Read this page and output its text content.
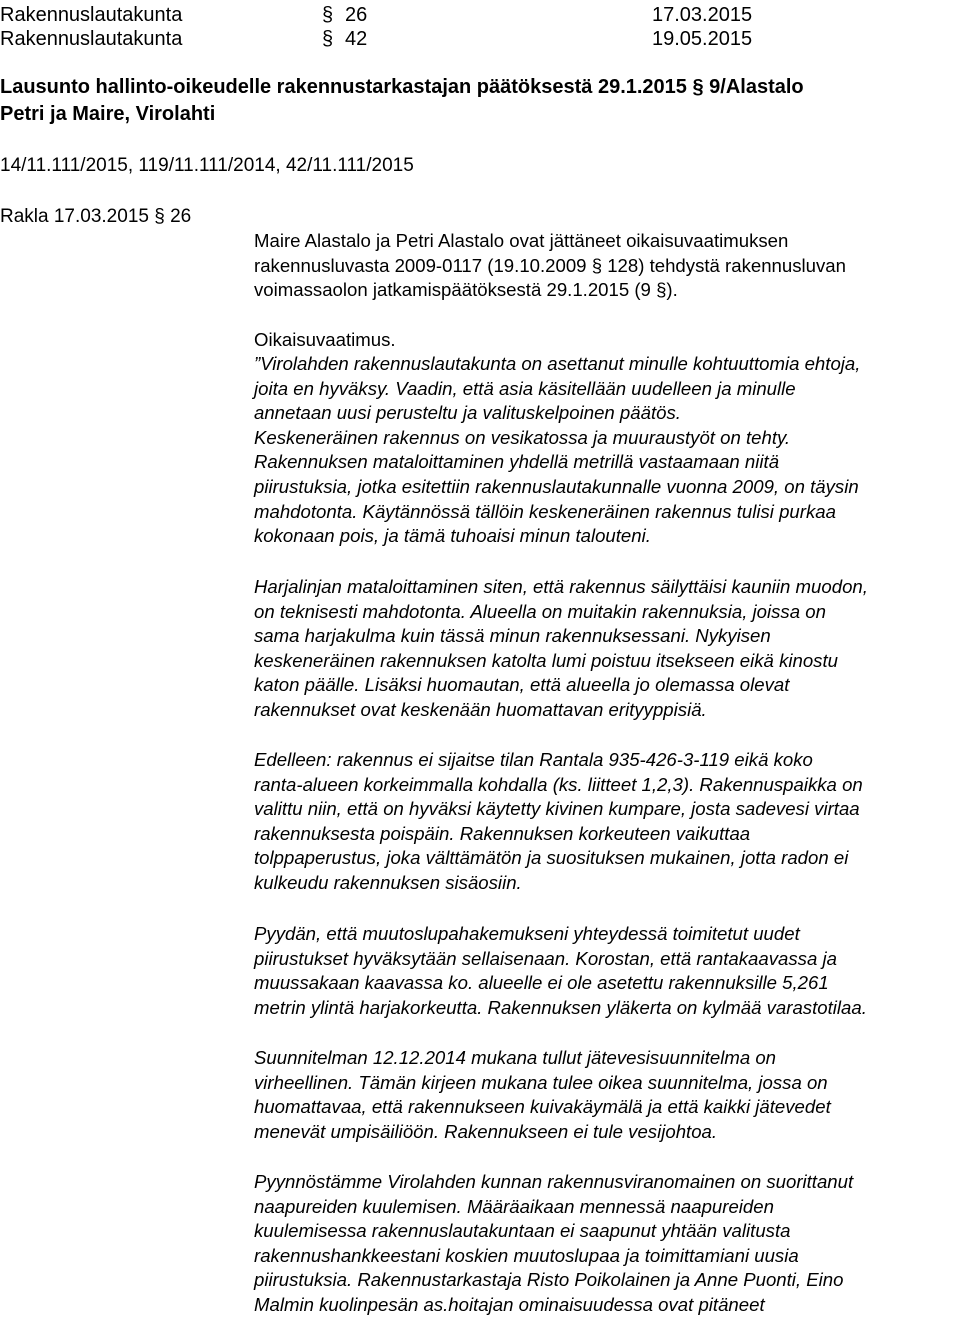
Rakennuslautakunta	§ 26	17.03.2015
Rakennuslautakunta	§ 42	19.05.2015
Lausunto hallinto-oikeudelle rakennustarkastajan päätöksestä 29.1.2015 § 9/Alastalo
Petri ja Maire, Virolahti
14/11.111/2015, 119/11.111/2014, 42/11.111/2015
Rakla 17.03.2015 § 26
Maire Alastalo ja Petri Alastalo ovat jättäneet oikaisuvaatimuksen
rakennusluvasta 2009-0117 (19.10.2009 § 128) tehdystä rakennusluvan
voimassaolon jatkamispäätöksestä 29.1.2015 (9 §).
Oikaisuvaatimus.
”Virolahden rakennuslautakunta on asettanut minulle kohtuuttomia ehtoja,
joita en hyväksy. Vaadin, että asia käsitellään uudelleen ja minulle
annetaan uusi perusteltu ja valituskelpoinen päätös.
Keskeneräinen rakennus on vesikatossa ja muuraustyöt on tehty.
Rakennuksen mataloittaminen yhdellä metrillä vastaamaan niitä
piirustuksia, jotka esitettiin rakennuslautakunnalle vuonna 2009, on täysin
mahdotonta. Käytännössä tällöin keskeneräinen rakennus tulisi purkaa
kokonaan pois, ja tämä tuhoaisi minun talouteni.
Harjalinjan mataloittaminen siten, että rakennus säilyttäisi kauniin muodon,
on teknisesti mahdotonta. Alueella on muitakin rakennuksia, joissa on
sama harjakulma kuin tässä minun rakennuksessani. Nykyisen
keskeneräinen rakennuksen katolta lumi poistuu itsekseen eikä kinostu
katon päälle. Lisäksi huomautan, että alueella jo olemassa olevat
rakennukset ovat keskenään huomattavan erityyppisiä.
Edelleen: rakennus ei sijaitse tilan Rantala 935-426-3-119 eikä koko
ranta-alueen korkeimmalla kohdalla (ks. liitteet 1,2,3). Rakennuspaikka on
valittu niin, että on hyväksi käytetty kivinen kumpare, josta sadevesi virtaa
rakennuksesta poispäin. Rakennuksen korkeuteen vaikuttaa
tolppaperustus, joka välttämätön ja suosituksen mukainen, jotta radon ei
kulkeudu rakennuksen sisäosiin.
Pyydän, että muutoslupahakemukseni yhteydessä toimitetut uudet
piirustukset hyväksytään sellaisenaan. Korostan, että rantakaavassa ja
muussakaan kaavassa ko. alueelle ei ole asetettu rakennuksille 5,261
metrin ylintä harjakorkeutta. Rakennuksen yläkerta on kylmää varastotilaa.
Suunnitelman 12.12.2014 mukana tullut jätevesisuunnitelma on
virheellinen. Tämän kirjeen mukana tulee oikea suunnitelma, jossa on
huomattavaa, että rakennukseen kuivakäymälä ja että kaikki jätevedet
menevät umpisäiliöön. Rakennukseen ei tule vesijohtoa.
Pyynnöstämme Virolahden kunnan rakennusviranomainen on suorittanut
naapureiden kuulemisen. Määräaikaan mennessä naapureiden
kuulemisessa rakennuslautakuntaan ei saapunut yhtään valitusta
rakennushankkeestani koskien muutoslupaa ja toimittamiani uusia
piirustuksia. Rakennustarkastaja Risto Poikolainen ja Anne Puonti, Eino
Malmin kuolinpesän as.hoitajan ominaisuudessa ovat pitäneet
